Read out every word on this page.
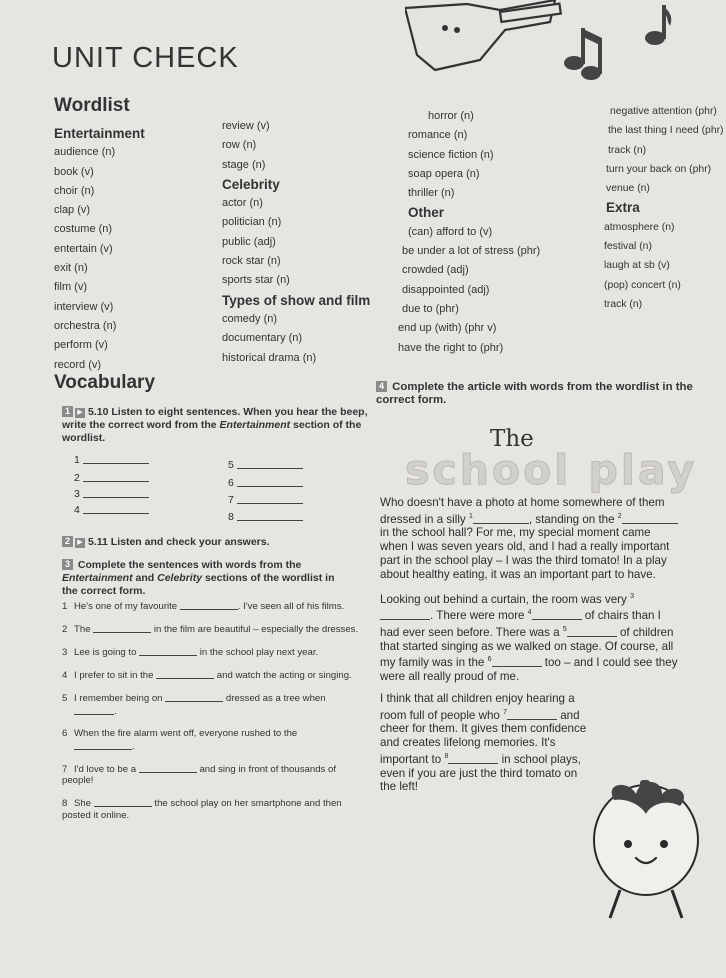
UNIT CHECK
Wordlist
Entertainment
audience (n)
book (v)
choir (n)
clap (v)
costume (n)
entertain (v)
exit (n)
film (v)
interview (v)
orchestra (n)
perform (v)
record (v)
review (v)
row (n)
stage (n)
Celebrity
actor (n)
politician (n)
public (adj)
rock star (n)
sports star (n)
Types of show and film
comedy (n)
documentary (n)
historical drama (n)
horror (n)
romance (n)
science fiction (n)
soap opera (n)
thriller (n)
Other
(can) afford to (v)
be under a lot of stress (phr)
crowded (adj)
disappointed (adj)
due to (phr)
end up (with) (phr v)
have the right to (phr)
negative attention (phr)
the last thing I need (phr)
track (n)
turn your back on (phr)
venue (n)
Extra
atmosphere (n)
festival (n)
laugh at sb (v)
(pop) concert (n)
track (n)
Vocabulary
1 ▶ 5.10 Listen to eight sentences. When you hear the beep, write the correct word from the Entertainment section of the wordlist.
1
2
3
4
5
6
7
8
2 ▶ 5.11 Listen and check your answers.
3 Complete the sentences with words from the Entertainment and Celebrity sections of the wordlist in the correct form.
1 He's one of my favourite	. I've seen all of his films.
2 The	in the film are beautiful – especially the dresses.
3 Lee is going to	in the school play next year.
4 I prefer to sit in the	and watch the acting or singing.
5 I remember being on	dressed as a tree when
.
6 When the fire alarm went off, everyone rushed to the
.
7 I'd love to be a	and sing in front of thousands of people!
8 She	the school play on her smartphone and then posted it online.
4 Complete the article with words from the wordlist in the correct form.
The
school play

Who doesn't have a photo at home somewhere of them dressed in a silly $^1$	, standing on the $^2$ in the school hall? For me, my special moment came when I was seven years old, and I had a really important part in the school play – I was the third tomato! In a play about healthy eating, it was an important part to have.

Looking out behind a curtain, the room was very $^3$. There were more $^4$	of chairs than I had ever seen before. There was a $^5$	of children that started singing as we walked on stage. Of course, all my family was in the $^6$	too – and I could see they were all really proud of me.

I think that all children enjoy hearing a room full of people who $^7$	and cheer for them. It gives them confidence and creates lifelong memories. It's important to $^8$	in school plays, even if you are just the third tomato on the left!
